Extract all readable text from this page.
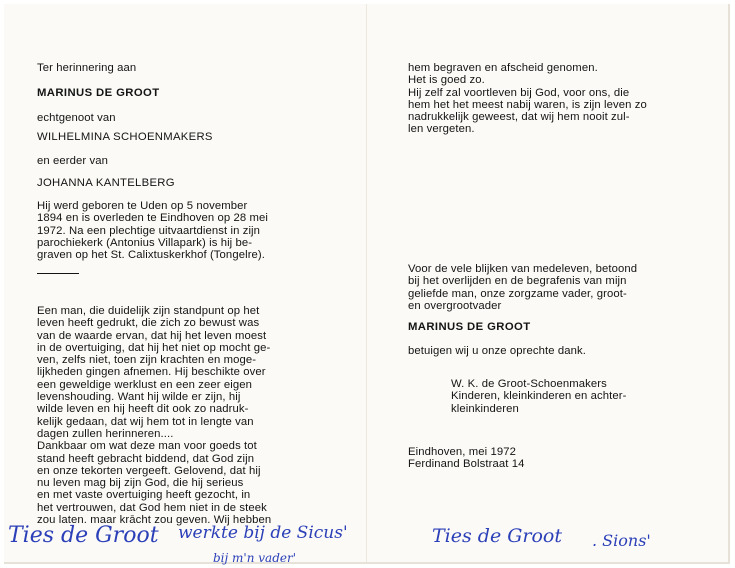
Ter herinnering aan

MARINUS DE GROOT

echtgenoot van

WILHELMINA SCHOENMAKERS

en eerder van

JOHANNA KANTELBERG

Hij werd geboren te Uden op 5 november
1894 en is overleden te Eindhoven op 28 mei
1972. Na een plechtige uitvaartdienst in zijn
parochiekerk (Antonius Villapark) is hij be-
graven op het St. Calixtuskerkhof (Tongelre).

Een man, die duidelijk zijn standpunt op het
leven heeft gedrukt, die zich zo bewust was
van de waarde ervan, dat hij het leven moest
in de overtuiging, dat hij het niet op mocht ge-
ven, zelfs niet, toen zijn krachten en moge-
lijkheden gingen afnemen. Hij beschikte over
een geweldige werklust en een zeer eigen
levenshouding. Want hij wilde er zijn, hij
wilde leven en hij heeft dit ook zo nadruk-
kelijk gedaan, dat wij hem tot in lengte van
dagen zullen herinneren....
Dankbaar om wat deze man voor goeds tot
stand heeft gebracht biddend, dat God zijn
en onze tekorten vergeeft. Gelovend, dat hij
nu leven mag bij zijn God, die hij serieus
en met vaste overtuiging heeft gezocht, in
het vertrouwen, dat God hem niet in de steek
zou laten. maar krācht zou geven. Wij hebben

hem begraven en afscheid genomen.
Het is goed zo.
Hij zelf zal voortleven bij God, voor ons, die
hem het het meest nabij waren, is zijn leven zo
nadrukkelijk geweest, dat wij hem nooit zul-
len vergeten.

Voor de vele blijken van medeleven, betoond
bij het overlijden en de begrafenis van mijn
geliefde man, onze zorgzame vader, groot-
en overgrootvader

MARINUS DE GROOT

betuigen wij u onze oprechte dank.

W. K. de Groot-Schoenmakers
Kinderen, kleinkinderen en achter-
kleinkinderen

Eindhoven, mei 1972

Ferdinand Bolstraat 14

Ties de Groot werkte bij de Sicus'
bij m'n vader'
Ties de Groot . Sions'
